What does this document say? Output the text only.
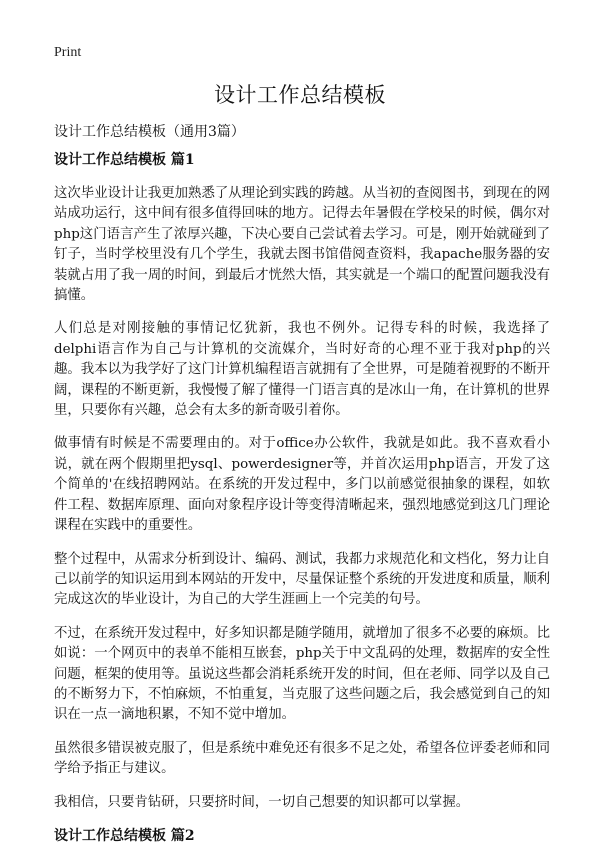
Print
设计工作总结模板

设计工作总结模板（通用3篇）

设计工作总结模板 篇1

这次毕业设计让我更加熟悉了从理论到实践的跨越。从当初的查阅图书，到现在的网站成功运行，这中间有很多值得回味的地方。记得去年暑假在学校呆的时候，偶尔对php这门语言产生了浓厚兴趣，下决心要自己尝试着去学习。可是，刚开始就碰到了钉子，当时学校里没有几个学生，我就去图书馆借阅查资料，我apache服务器的安装就占用了我一周的时间，到最后才恍然大悟，其实就是一个端口的配置问题我没有搞懂。

人们总是对刚接触的事情记忆犹新，我也不例外。记得专科的时候，我选择了delphi语言作为自己与计算机的交流媒介，当时好奇的心理不亚于我对php的兴趣。我本以为我学好了这门计算机编程语言就拥有了全世界，可是随着视野的不断开阔，课程的不断更新，我慢慢了解了懂得一门语言真的是冰山一角，在计算机的世界里，只要你有兴趣，总会有太多的新奇吸引着你。

做事情有时候是不需要理由的。对于office办公软件，我就是如此。我不喜欢看小说，就在两个假期里把ysql、powerdesigner等，并首次运用php语言，开发了这个简单的'在线招聘网站。在系统的开发过程中，多门以前感觉很抽象的课程，如软件工程、数据库原理、面向对象程序设计等变得清晰起来，强烈地感觉到这几门理论课程在实践中的重要性。

整个过程中，从需求分析到设计、编码、测试，我都力求规范化和文档化，努力让自己以前学的知识运用到本网站的开发中，尽量保证整个系统的开发进度和质量，顺利完成这次的毕业设计，为自己的大学生涯画上一个完美的句号。

不过，在系统开发过程中，好多知识都是随学随用，就增加了很多不必要的麻烦。比如说：一个网页中的表单不能相互嵌套，php关于中文乱码的处理，数据库的安全性问题，框架的使用等。虽说这些都会消耗系统开发的时间，但在老师、同学以及自己的不断努力下，不怕麻烦，不怕重复，当克服了这些问题之后，我会感觉到自己的知识在一点一滴地积累，不知不觉中增加。

虽然很多错误被克服了，但是系统中难免还有很多不足之处，希望各位评委老师和同学给予指正与建议。

我相信，只要肯钻研，只要挤时间，一切自己想要的知识都可以掌握。

设计工作总结模板 篇2
